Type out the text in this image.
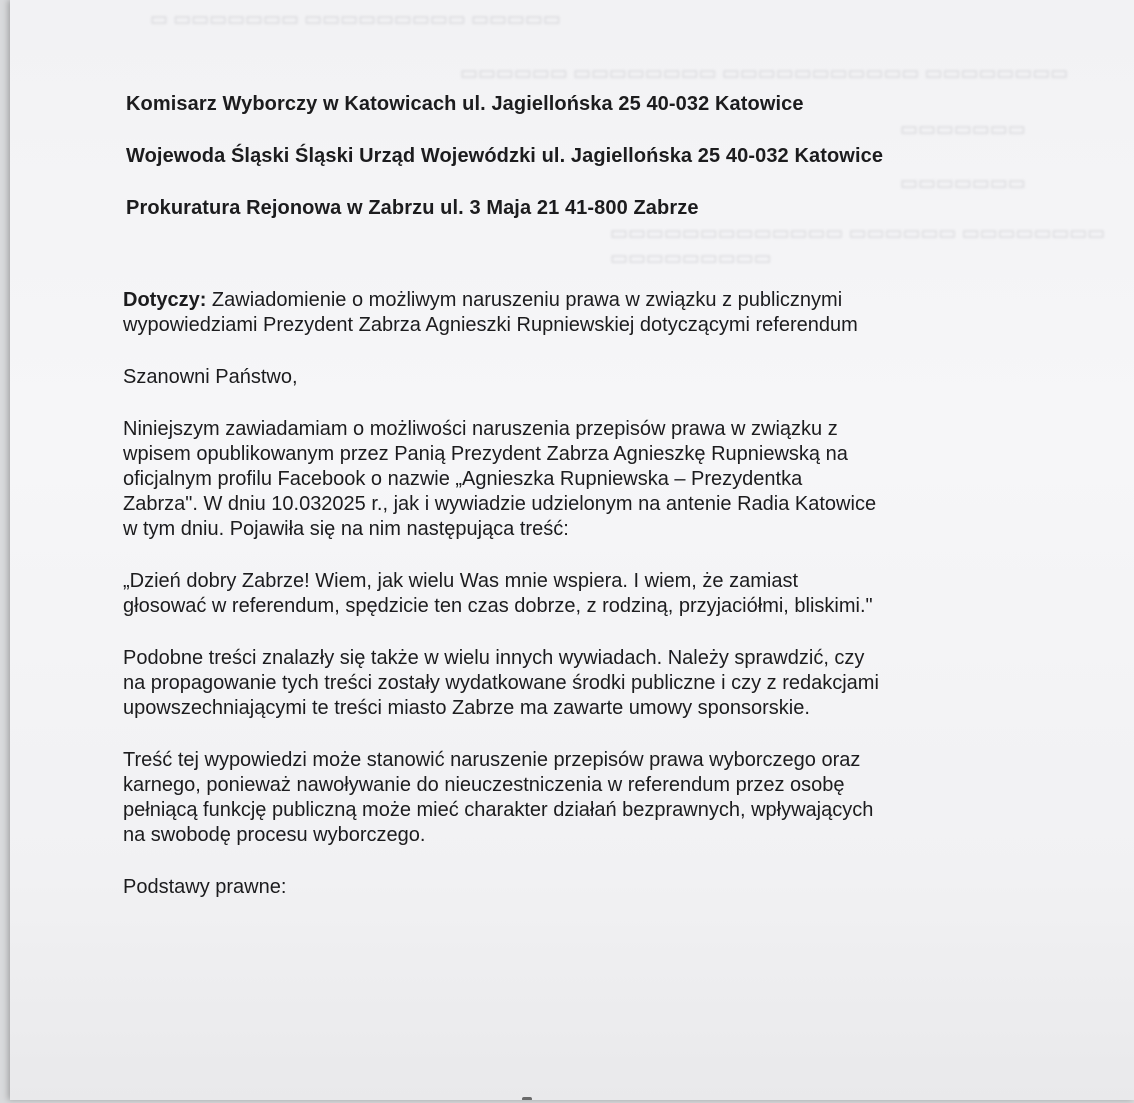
▭ ▭▭▭▭▭▭▭ ▭▭▭▭▭▭▭▭▭ ▭▭▭▭▭
▭▭▭▭▭▭ ▭▭▭▭▭▭▭▭ ▭▭▭▭▭▭▭▭▭▭▭ ▭▭▭▭▭▭▭▭
▭▭▭▭▭▭▭
▭▭▭▭▭▭▭
▭▭▭▭▭▭▭▭▭▭▭▭▭ ▭▭▭▭▭▭ ▭▭▭▭▭▭▭▭
▭▭▭▭▭▭▭▭▭
Komisarz Wyborczy w Katowicach ul. Jagiellońska 25 40-032 Katowice
Wojewoda Śląski Śląski Urząd Wojewódzki ul. Jagiellońska 25 40-032 Katowice
Prokuratura Rejonowa w Zabrzu ul. 3 Maja 21 41-800 Zabrze

Dotyczy: Zawiadomienie o możliwym naruszeniu prawa w związku z publicznymi
wypowiedziami Prezydent Zabrza Agnieszki Rupniewskiej dotyczącymi referendum

Szanowni Państwo,

Niniejszym zawiadamiam o możliwości naruszenia przepisów prawa w związku z
wpisem opublikowanym przez Panią Prezydent Zabrza Agnieszkę Rupniewską na
oficjalnym profilu Facebook o nazwie „Agnieszka Rupniewska – Prezydentka
Zabrza". W dniu 10.032025 r., jak i wywiadzie udzielonym na antenie Radia Katowice
w tym dniu. Pojawiła się na nim następująca treść:

„Dzień dobry Zabrze! Wiem, jak wielu Was mnie wspiera. I wiem, że zamiast
głosować w referendum, spędzicie ten czas dobrze, z rodziną, przyjaciółmi, bliskimi."

Podobne treści znalazły się także w wielu innych wywiadach. Należy sprawdzić, czy
na propagowanie tych treści zostały wydatkowane środki publiczne i czy z redakcjami
upowszechniającymi te treści miasto Zabrze ma zawarte umowy sponsorskie.

Treść tej wypowiedzi może stanowić naruszenie przepisów prawa wyborczego oraz
karnego, ponieważ nawoływanie do nieuczestniczenia w referendum przez osobę
pełniącą funkcję publiczną może mieć charakter działań bezprawnych, wpływających
na swobodę procesu wyborczego.

Podstawy prawne:
